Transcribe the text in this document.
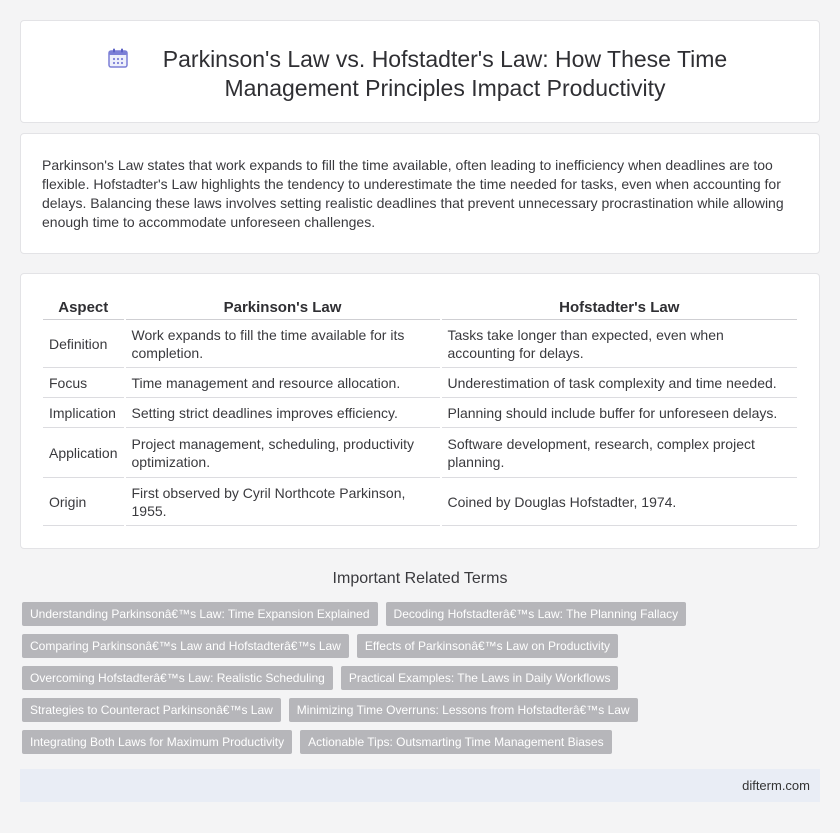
Parkinson's Law vs. Hofstadter's Law: How These Time Management Principles Impact Productivity

Parkinson's Law states that work expands to fill the time available, often leading to inefficiency when deadlines are too flexible. Hofstadter's Law highlights the tendency to underestimate the time needed for tasks, even when accounting for delays. Balancing these laws involves setting realistic deadlines that prevent unnecessary procrastination while allowing enough time to accommodate unforeseen challenges.

Aspect	Parkinson's Law	Hofstadter's Law
Definition	Work expands to fill the time available for its completion.	Tasks take longer than expected, even when accounting for delays.
Focus	Time management and resource allocation.	Underestimation of task complexity and time needed.
Implication	Setting strict deadlines improves efficiency.	Planning should include buffer for unforeseen delays.
Application	Project management, scheduling, productivity optimization.	Software development, research, complex project planning.
Origin	First observed by Cyril Northcote Parkinson, 1955.	Coined by Douglas Hofstadter, 1974.
Important Related Terms
Understanding Parkinsonâ€™s Law: Time Expansion Explained	Decoding Hofstadterâ€™s Law: The Planning Fallacy
Comparing Parkinsonâ€™s Law and Hofstadterâ€™s Law	Effects of Parkinsonâ€™s Law on Productivity
Overcoming Hofstadterâ€™s Law: Realistic Scheduling	Practical Examples: The Laws in Daily Workflows
Strategies to Counteract Parkinsonâ€™s Law	Minimizing Time Overruns: Lessons from Hofstadterâ€™s Law
Integrating Both Laws for Maximum Productivity	Actionable Tips: Outsmarting Time Management Biases
difterm.com
